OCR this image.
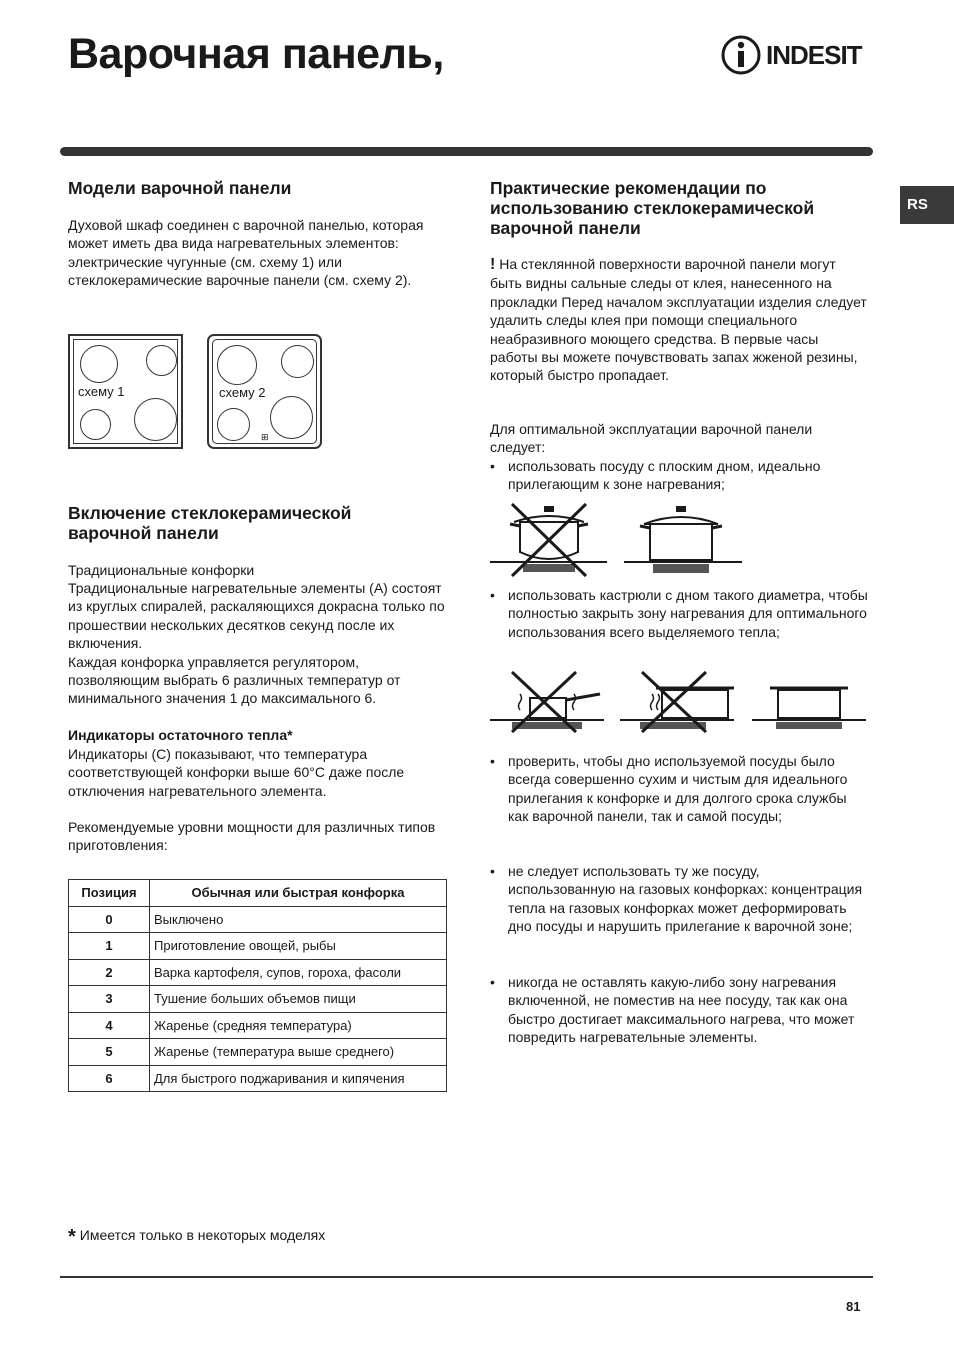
Варочная панель,	INDESIT
RS
Модели варочной панели

Духовой шкаф соединен с варочной панелью, которая может иметь два вида нагревательных элементов: электрические чугунные (см. схему 1) или стеклокерамические варочные панели (см. схему 2).

схему 1
⊞
схему 2
Включение стеклокерамической варочной панели

Традициональные конфорки

Традициональные нагревательные элементы (А) состоят из круглых спиралей, раскаляющихся докрасна только по прошествии нескольких десятков секунд после их включения.
Каждая конфорка управляется регулятором, позволяющим выбрать 6 различных температур от минимального значения 1 до максимального 6.

Индикаторы остаточного тепла*

Индикаторы (С) показывают, что температура соответствующей конфорки выше 60°С даже после отключения нагревательного элемента.

Рекомендуемые уровни мощности для различных типов приготовления:

Позиция	Обычная или быстрая конфорка
0	Выключено
1	Приготовление овощей, рыбы
2	Варка картофеля, супов, гороха, фасоли
3	Тушение больших объемов пищи
4	Жаренье (средняя температура)
5	Жаренье (температура выше среднего)
6	Для быстрого поджаривания и кипячения
Практические рекомендации по использованию стеклокерамической варочной панели
! На стеклянной поверхности варочной панели могут быть видны сальные следы от клея, нанесенного на прокладки Перед началом эксплуатации изделия следует удалить следы клея при помощи специального неабразивного моющего средства. В первые часы работы вы можете почувствовать запах жженой резины, который быстро пропадает.

Для оптимальной эксплуатации варочной панели следует:

• использовать посуду с плоским дном, идеально прилегающим к зоне нагревания;
• использовать кастрюли с дном такого диаметра, чтобы полностью закрыть зону нагревания для оптимального использования всего выделяемого тепла;
• проверить, чтобы дно используемой посуды было всегда совершенно сухим и чистым для идеального прилегания к конфорке и для долгого срока службы как варочной панели, так и самой посуды;
• не следует использовать ту же посуду, использованную на газовых конфорках: концентрация тепла на газовых конфорках может деформировать дно посуды и нарушить прилегание к варочной зоне;
• никогда не оставлять какую-либо зону нагревания включенной, не поместив на нее посуду, так как она быстро достигает максимального нагрева, что может повредить нагревательные элементы.
* Имеется только в некоторых моделях
81
